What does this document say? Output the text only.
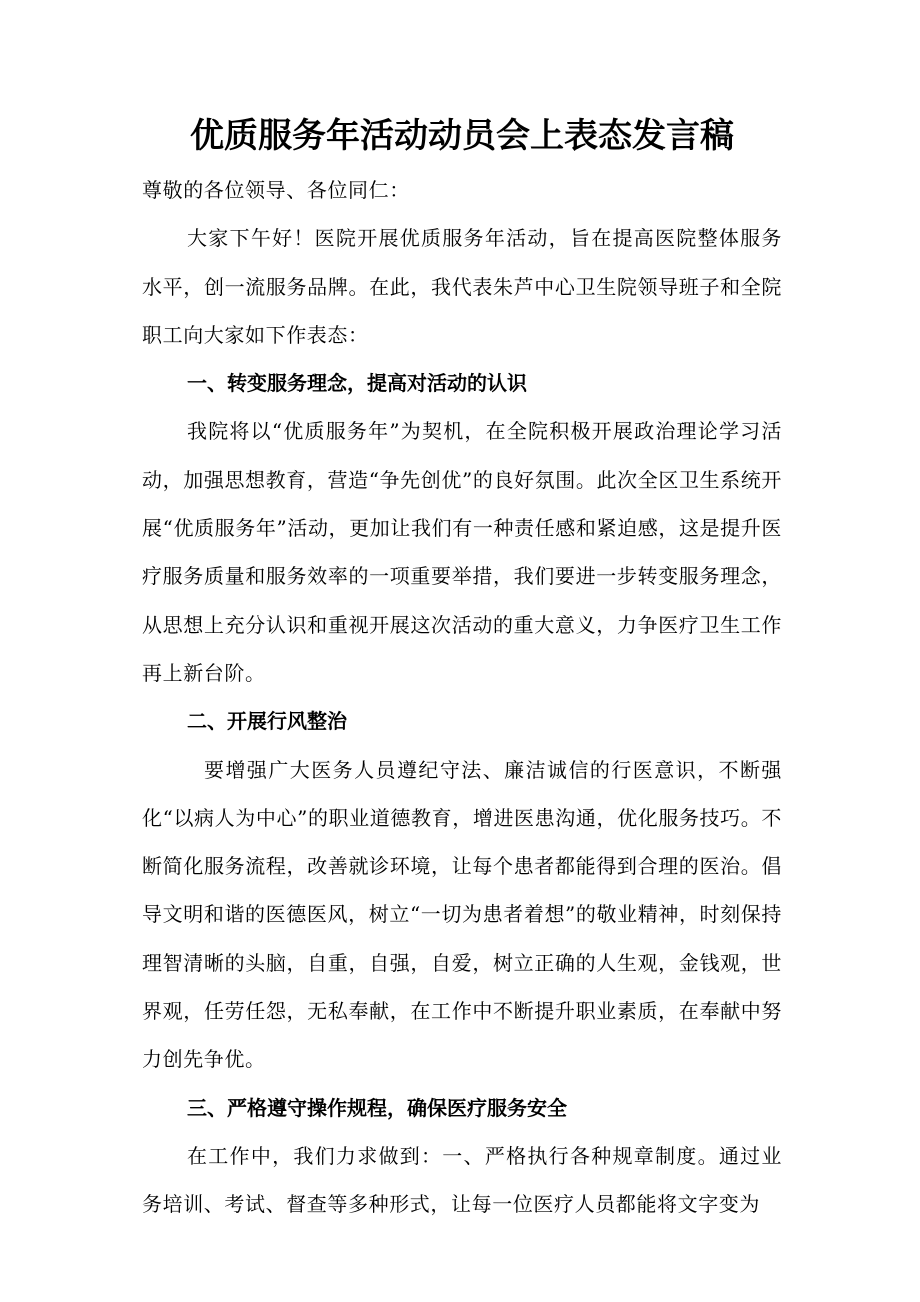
优质服务年活动动员会上表态发言稿

尊敬的各位领导、各位同仁：

大家下午好！医院开展优质服务年活动，旨在提高医院整体服务水平，创一流服务品牌。在此，我代表朱芦中心卫生院领导班子和全院职工向大家如下作表态：

一、转变服务理念，提高对活动的认识

我院将以“优质服务年”为契机，在全院积极开展政治理论学习活动，加强思想教育，营造“争先创优”的良好氛围。此次全区卫生系统开展“优质服务年”活动，更加让我们有一种责任感和紧迫感，这是提升医疗服务质量和服务效率的一项重要举措，我们要进一步转变服务理念，从思想上充分认识和重视开展这次活动的重大意义，力争医疗卫生工作再上新台阶。

二、开展行风整治

要增强广大医务人员遵纪守法、廉洁诚信的行医意识，不断强化“以病人为中心”的职业道德教育，增进医患沟通，优化服务技巧。不断简化服务流程，改善就诊环境，让每个患者都能得到合理的医治。倡导文明和谐的医德医风，树立“一切为患者着想”的敬业精神，时刻保持理智清晰的头脑，自重，自强，自爱，树立正确的人生观，金钱观，世界观，任劳任怨，无私奉献，在工作中不断提升职业素质，在奉献中努力创先争优。

三、严格遵守操作规程，确保医疗服务安全

在工作中，我们力求做到：一、严格执行各种规章制度。通过业务培训、考试、督查等多种形式，让每一位医疗人员都能将文字变为
